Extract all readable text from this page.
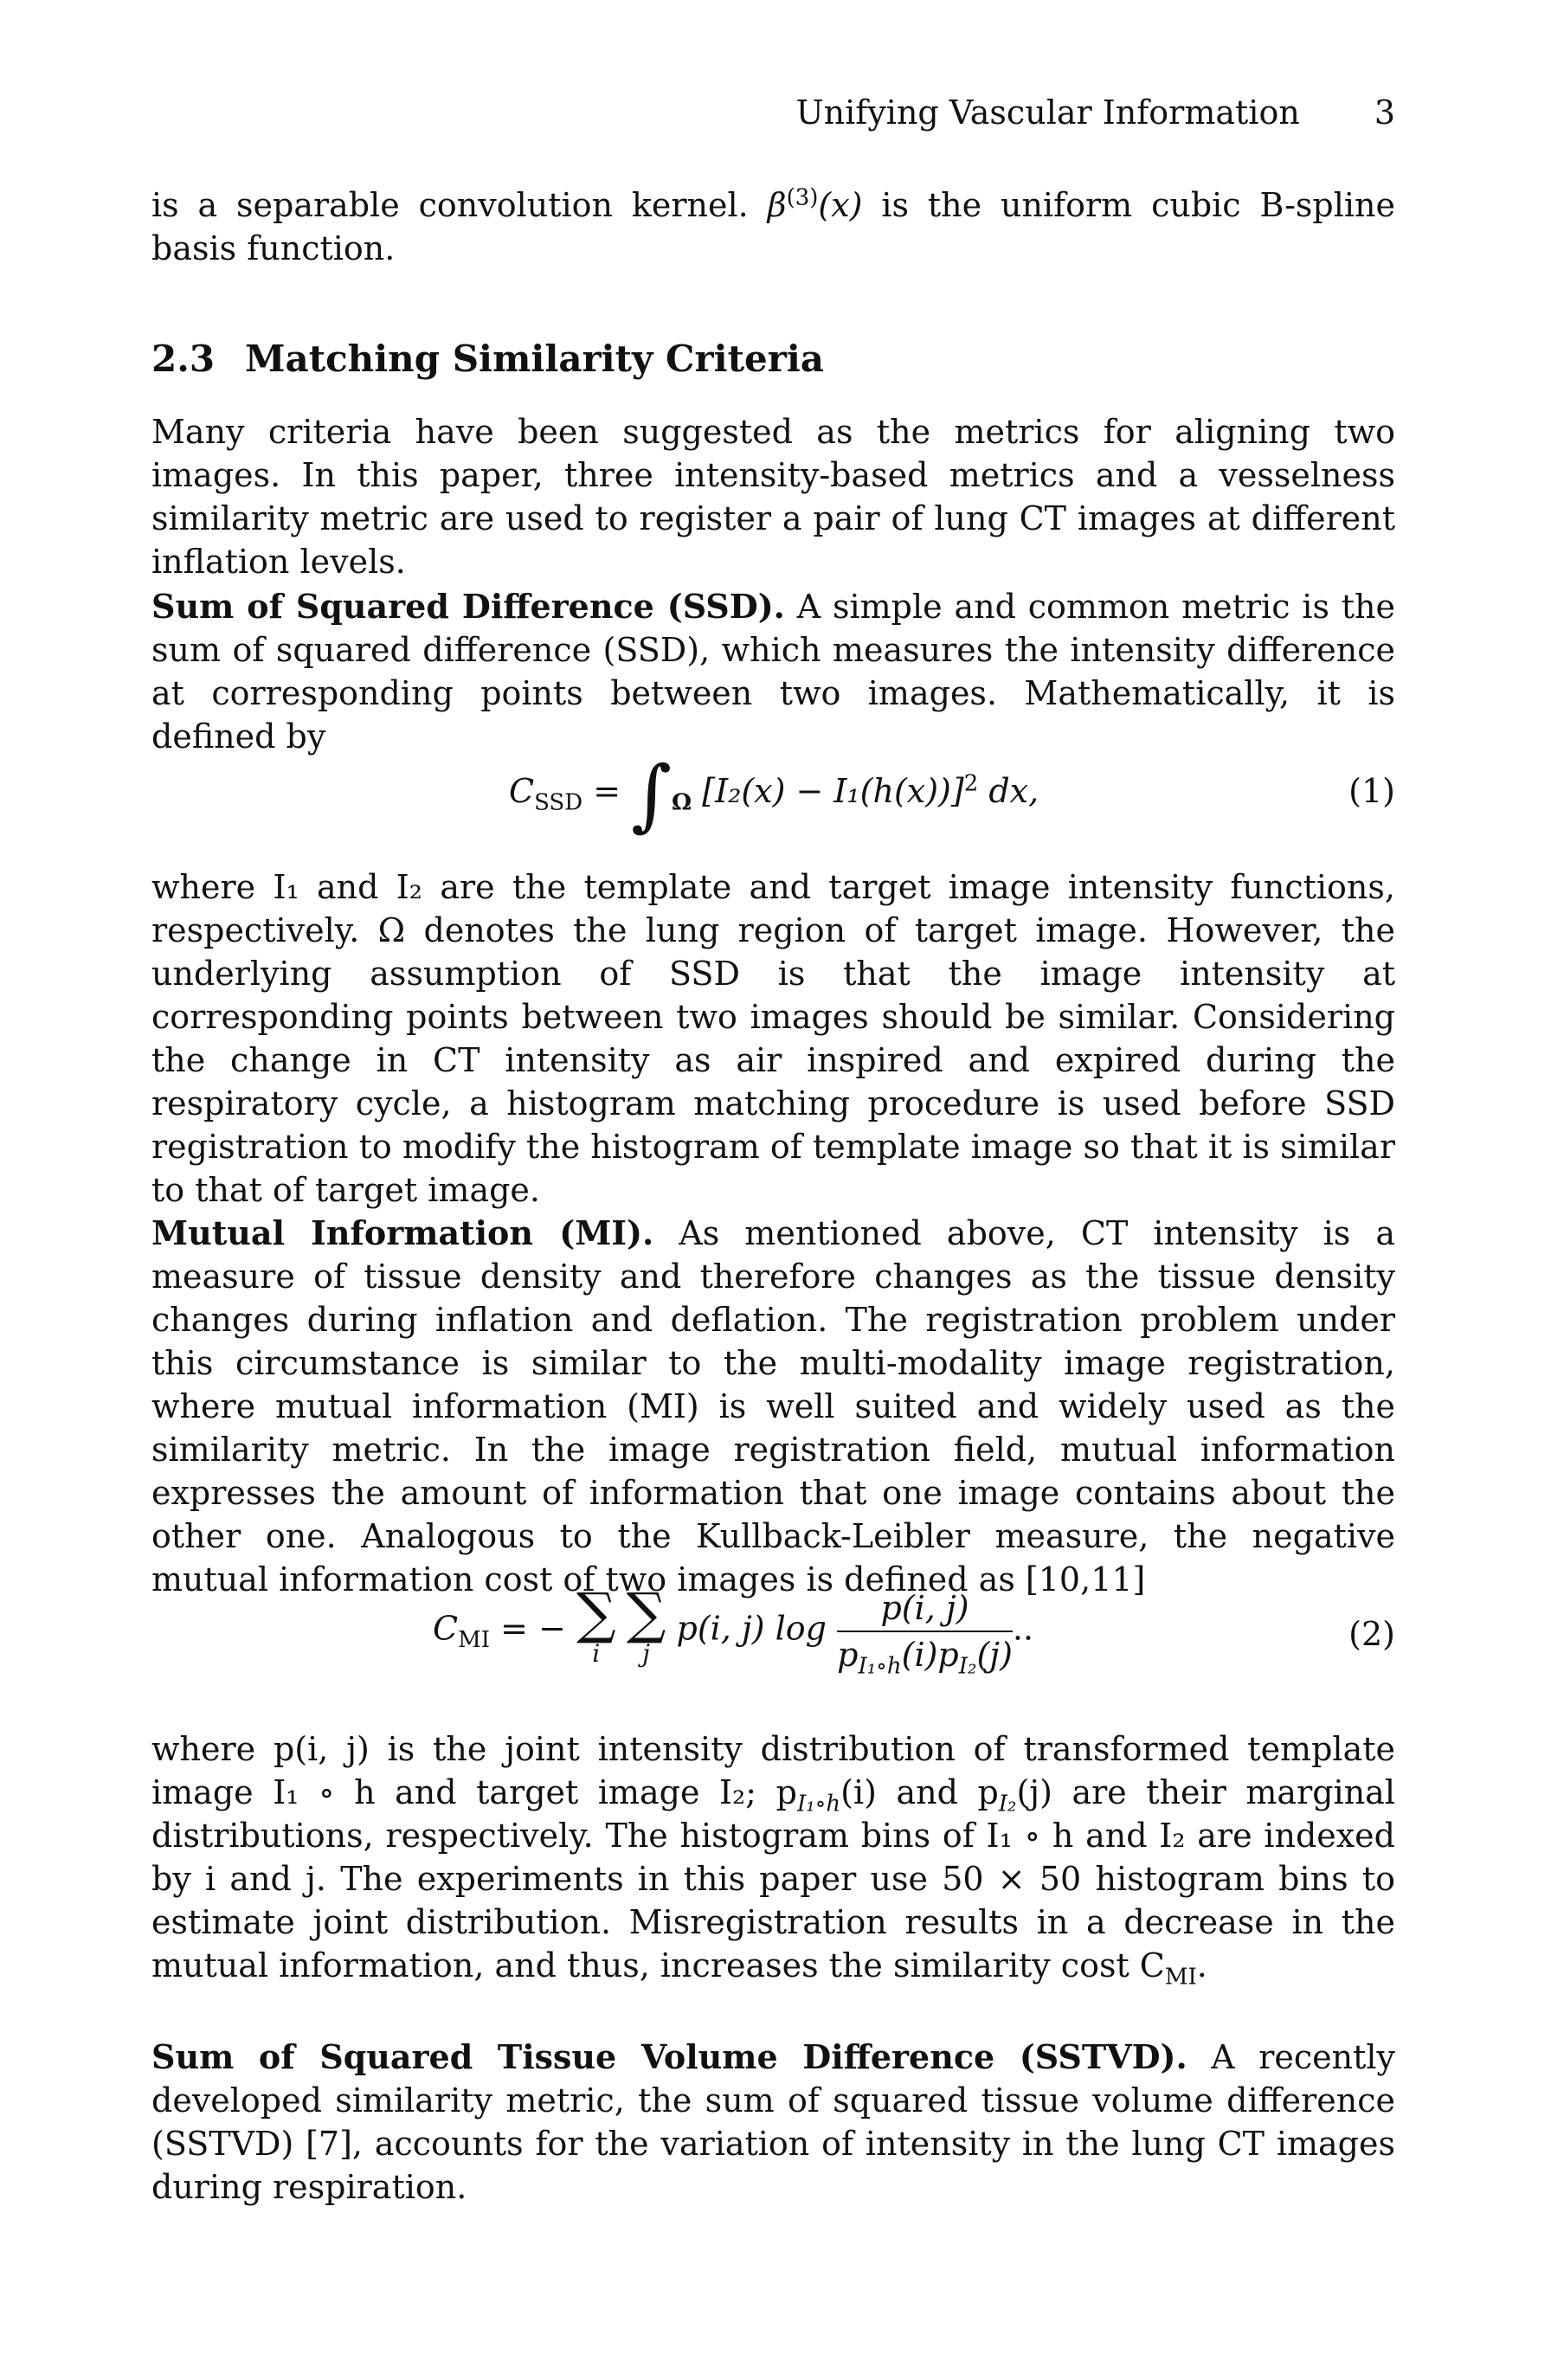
Unifying Vascular Information 3

is a separable convolution kernel. $\beta^{(3)}(x)$ is the uniform cubic B-spline basis function.

2.3 Matching Similarity Criteria

Many criteria have been suggested as the metrics for aligning two images. In this paper, three intensity-based metrics and a vesselness similarity metric are used to register a pair of lung CT images at different inflation levels.

Sum of Squared Difference (SSD). A simple and common metric is the sum of squared difference (SSD), which measures the intensity difference at corresponding points between two images. Mathematically, it is defined by

$C_{SSD} = \int_\Omega$ $[I_2(x) - I_1(h(x))]^2$ dx,	(1)

where I₁ and I₂ are the template and target image intensity functions, respectively. Ω denotes the lung region of target image. However, the underlying assumption of SSD is that the image intensity at corresponding points between two images should be similar. Considering the change in CT intensity as air inspired and expired during the respiratory cycle, a histogram matching procedure is used before SSD registration to modify the histogram of template image so that it is similar to that of target image.

Mutual Information (MI). As mentioned above, CT intensity is a measure of tissue density and therefore changes as the tissue density changes during inflation and deflation. The registration problem under this circumstance is similar to the multi-modality image registration, where mutual information (MI) is well suited and widely used as the similarity metric. In the image registration field, mutual information expresses the amount of information that one image contains about the other one. Analogous to the Kullback-Leibler measure, the negative mutual information cost of two images is defined as [10,11]

$C_{MI}$ = − ∑
i ∑
j p(i, j) $\log \frac{p(i, j)}{p_{I_1\circ h}(i)p_{I_2}(j)}$ ..	(2)

where p(i, j) is the joint intensity distribution of transformed template image I₁ ∘ h and target image I₂; $p_{I_1\circ h}(i)$ and $p_{I_2}(j)$ are their marginal distributions, respectively. The histogram bins of I₁ ∘ h and I₂ are indexed by i and j. The experiments in this paper use 50 × 50 histogram bins to estimate joint distribution. Misregistration results in a decrease in the mutual information, and thus, increases the similarity cost $C_{MI}$.

Sum of Squared Tissue Volume Difference (SSTVD). A recently developed similarity metric, the sum of squared tissue volume difference (SSTVD) [7], accounts for the variation of intensity in the lung CT images during respiration.
